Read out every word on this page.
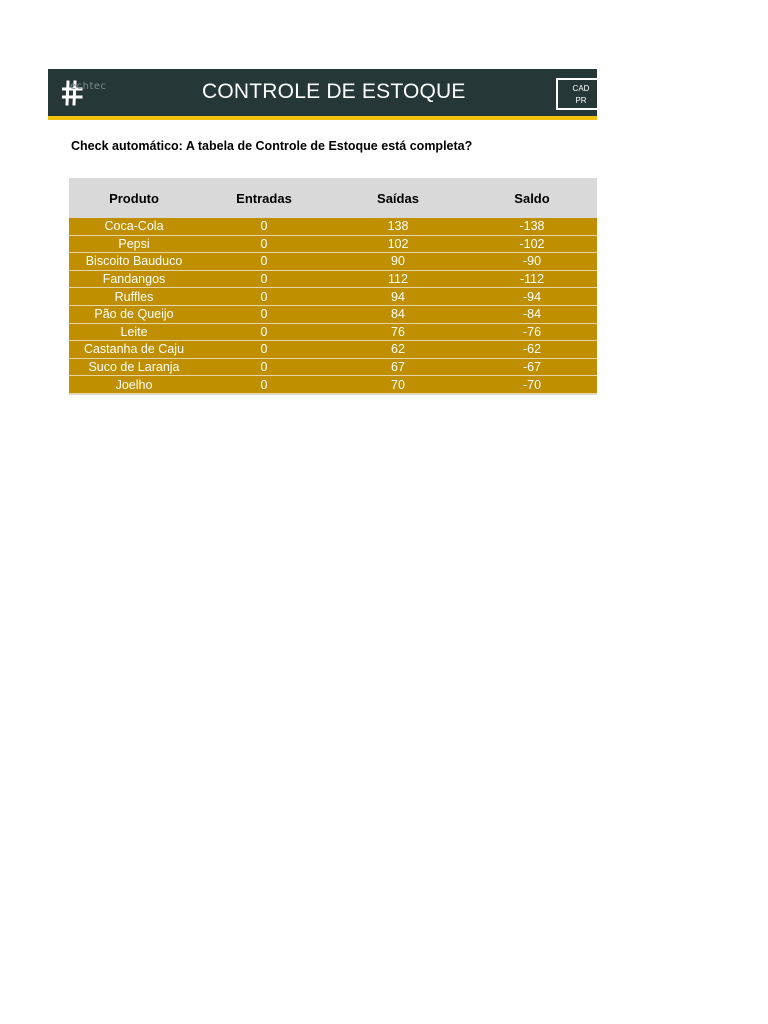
echtec	CONTROLE DE ESTOQUE	CAD
PR
Check automático: A tabela de Controle de Estoque está completa?
Produto	Entradas	Saídas	Saldo
Coca-Cola	0	138	-138
Pepsi	0	102	-102
Biscoito Bauduco	0	90	-90
Fandangos	0	112	-112
Ruffles	0	94	-94
Pão de Queijo	0	84	-84
Leite	0	76	-76
Castanha de Caju	0	62	-62
Suco de Laranja	0	67	-67
Joelho	0	70	-70
